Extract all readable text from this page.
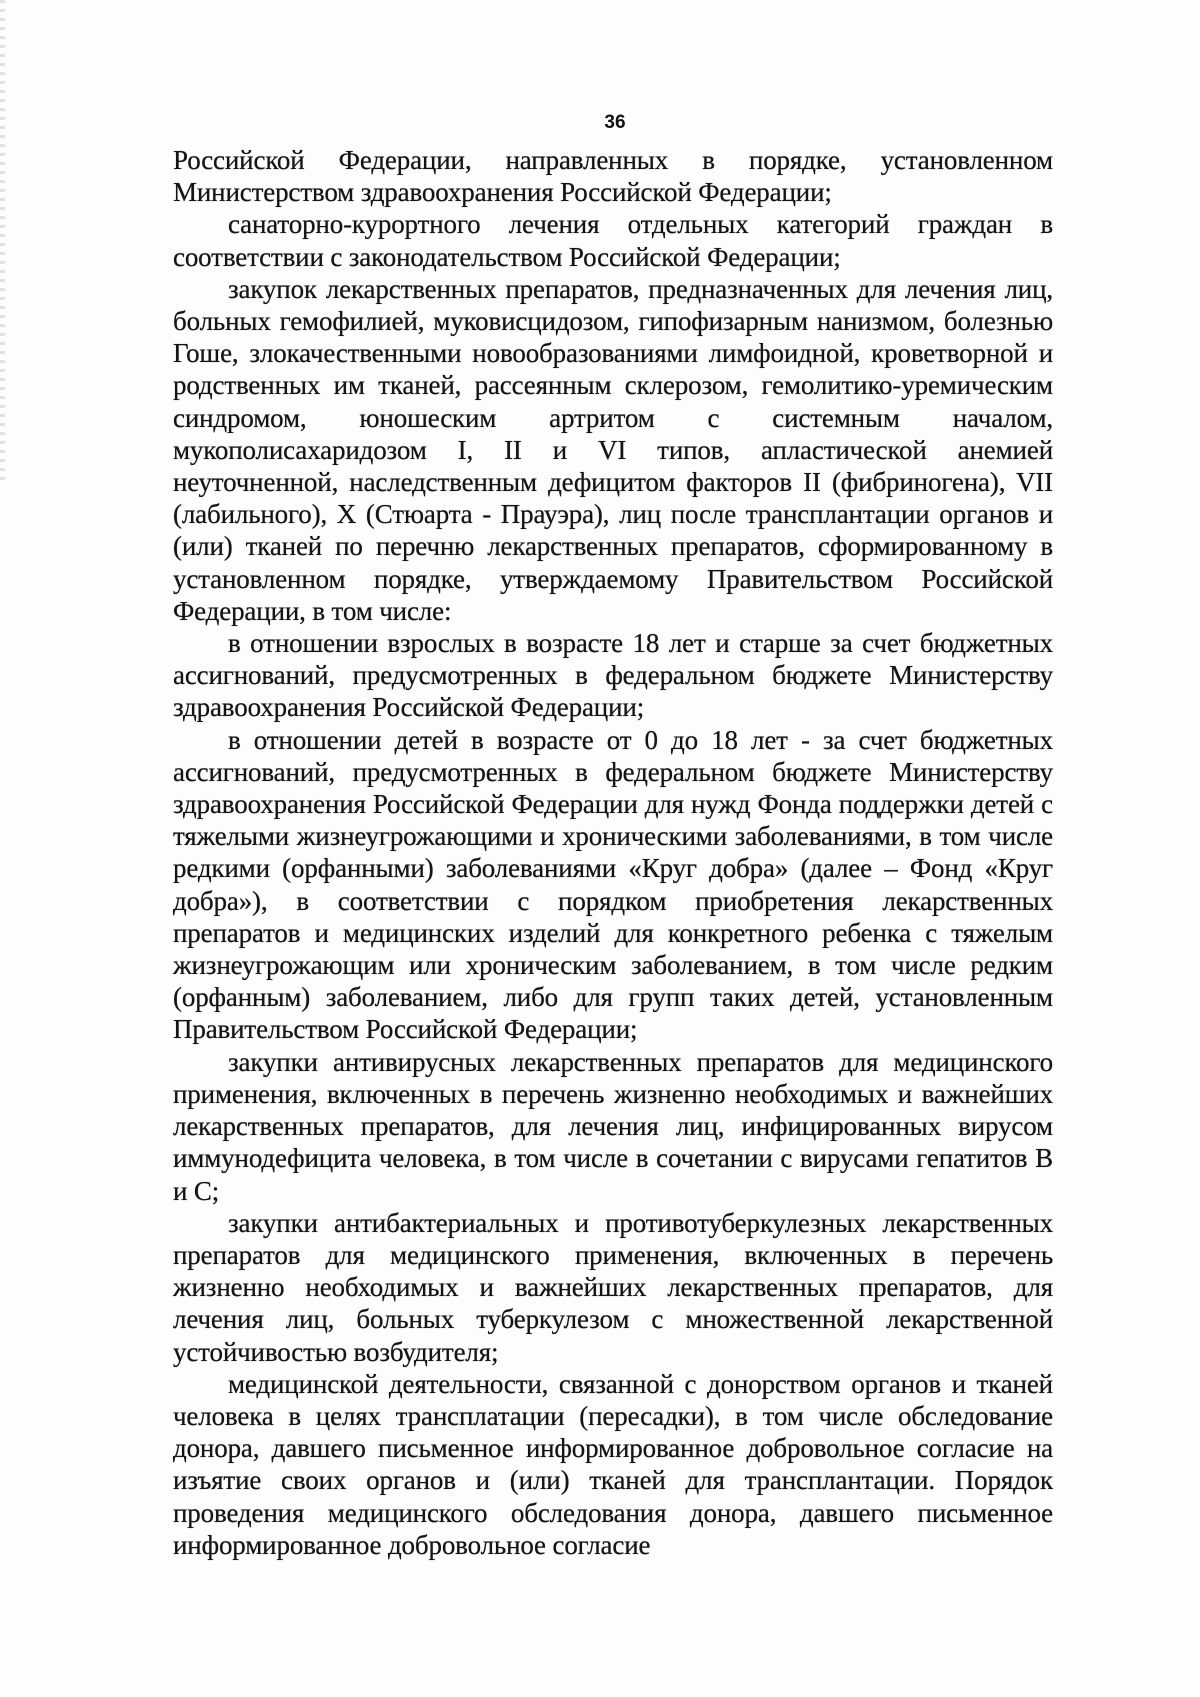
36

Российской Федерации, направленных в порядке, установленном Министерством здравоохранения Российской Федерации;

санаторно-курортного лечения отдельных категорий граждан в соответствии с законодательством Российской Федерации;

закупок лекарственных препаратов, предназначенных для лечения лиц, больных гемофилией, муковисцидозом, гипофизарным нанизмом, болезнью Гоше, злокачественными новообразованиями лимфоидной, кроветворной и родственных им тканей, рассеянным склерозом, гемолитико-уремическим синдромом, юношеским артритом с системным началом, мукополисахаридозом I, II и VI типов, апластической анемией неуточненной, наследственным дефицитом факторов II (фибриногена), VII (лабильного), X (Стюарта - Прауэра), лиц после трансплантации органов и (или) тканей по перечню лекарственных препаратов, сформированному в установленном порядке, утверждаемому Правительством Российской Федерации, в том числе:

в отношении взрослых в возрасте 18 лет и старше за счет бюджетных ассигнований, предусмотренных в федеральном бюджете Министерству здравоохранения Российской Федерации;

в отношении детей в возрасте от 0 до 18 лет - за счет бюджетных ассигнований, предусмотренных в федеральном бюджете Министерству здравоохранения Российской Федерации для нужд Фонда поддержки детей с тяжелыми жизнеугрожающими и хроническими заболеваниями, в том числе редкими (орфанными) заболеваниями «Круг добра» (далее – Фонд «Круг добра»), в соответствии с порядком приобретения лекарственных препаратов и медицинских изделий для конкретного ребенка с тяжелым жизнеугрожающим или хроническим заболеванием, в том числе редким (орфанным) заболеванием, либо для групп таких детей, установленным Правительством Российской Федерации;

закупки антивирусных лекарственных препаратов для медицинского применения, включенных в перечень жизненно необходимых и важнейших лекарственных препаратов, для лечения лиц, инфицированных вирусом иммунодефицита человека, в том числе в сочетании с вирусами гепатитов B и C;

закупки антибактериальных и противотуберкулезных лекарственных препаратов для медицинского применения, включенных в перечень жизненно необходимых и важнейших лекарственных препаратов, для лечения лиц, больных туберкулезом с множественной лекарственной устойчивостью возбудителя;

медицинской деятельности, связанной с донорством органов и тканей человека в целях трансплатации (пересадки), в том числе обследование донора, давшего письменное информированное добровольное согласие на изъятие своих органов и (или) тканей для трансплантации. Порядок проведения медицинского обследования донора, давшего письменное информированное добровольное согласие
